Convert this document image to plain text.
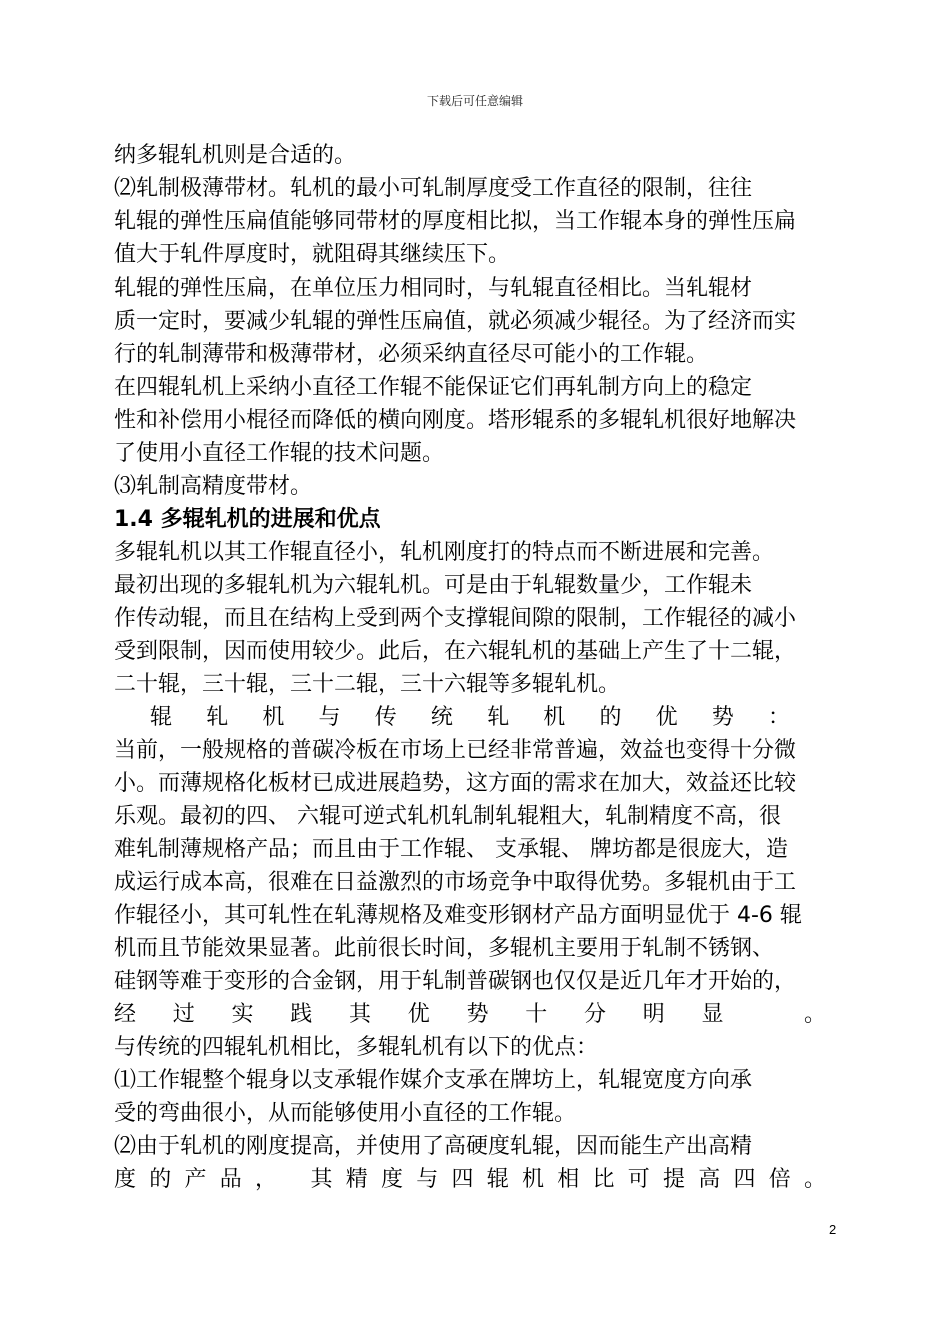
下载后可任意编辑
纳多辊轧机则是合适的。
⑵轧制极薄带材。轧机的最小可轧制厚度受工作直径的限制，往往
轧辊的弹性压扁值能够同带材的厚度相比拟，当工作辊本身的弹性压扁
值大于轧件厚度时，就阻碍其继续压下。
轧辊的弹性压扁，在单位压力相同时，与轧辊直径相比。当轧辊材
质一定时，要减少轧辊的弹性压扁值，就必须减少辊径。为了经济而实
行的轧制薄带和极薄带材，必须采纳直径尽可能小的工作辊。
在四辊轧机上采纳小直径工作辊不能保证它们再轧制方向上的稳定
性和补偿用小棍径而降低的横向刚度。塔形辊系的多辊轧机很好地解决
了使用小直径工作辊的技术问题。
⑶轧制高精度带材。
1.4 多辊轧机的进展和优点
多辊轧机以其工作辊直径小，轧机刚度打的特点而不断进展和完善。
最初出现的多辊轧机为六辊轧机。可是由于轧辊数量少，工作辊未
作传动辊，而且在结构上受到两个支撑辊间隙的限制，工作辊径的减小
受到限制，因而使用较少。此后，在六辊轧机的基础上产生了十二辊，
二十辊，三十辊，三十二辊，三十六辊等多辊轧机。
辊轧机与传统轧机的优势：
当前，一般规格的普碳冷板在市场上已经非常普遍，效益也变得十分微
小。而薄规格化板材已成进展趋势，这方面的需求在加大，效益还比较
乐观。最初的四、 六辊可逆式轧机轧制轧辊粗大，轧制精度不高，很
难轧制薄规格产品；而且由于工作辊、 支承辊、 牌坊都是很庞大，造
成运行成本高，很难在日益激烈的市场竞争中取得优势。多辊机由于工
作辊径小，其可轧性在轧薄规格及难变形钢材产品方面明显优于 4-6 辊
机而且节能效果显著。此前很长时间，多辊机主要用于轧制不锈钢、
硅钢等难于变形的合金钢，用于轧制普碳钢也仅仅是近几年才开始的，
经过实践其优势十分明显 。
与传统的四辊轧机相比，多辊轧机有以下的优点：
⑴工作辊整个辊身以支承辊作媒介支承在牌坊上，轧辊宽度方向承
受的弯曲很小，从而能够使用小直径的工作辊。
⑵由于轧机的刚度提高，并使用了高硬度轧辊，因而能生产出高精
度的产品， 其精度与四辊机相比可提高四倍。
2
